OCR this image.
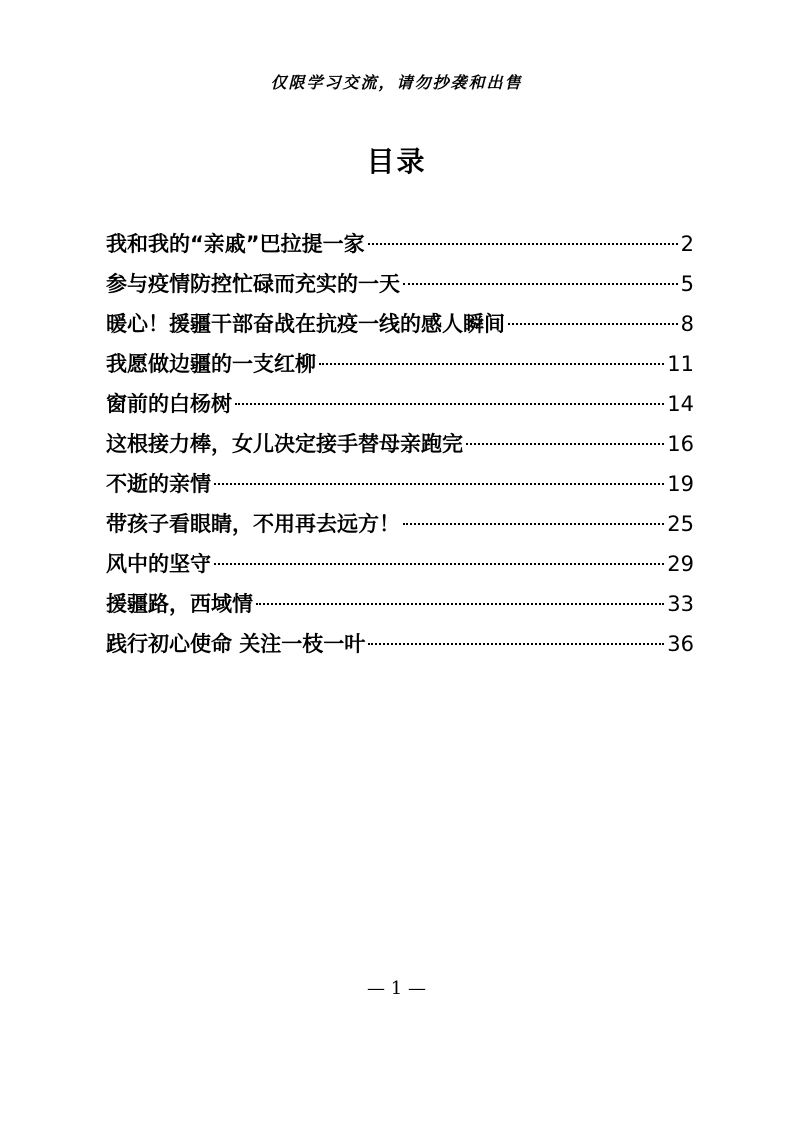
仅限学习交流，请勿抄袭和出售
目录
我和我的“亲戚”巴拉提一家	2
参与疫情防控忙碌而充实的一天	5
暖心！援疆干部奋战在抗疫一线的感人瞬间	8
我愿做边疆的一支红柳	11
窗前的白杨树	14
这根接力棒，女儿决定接手替母亲跑完	16
不逝的亲情	19
带孩子看眼睛，不用再去远方！	25
风中的坚守	29
援疆路，西域情	33
践行初心使命 关注一枝一叶	36
— 1 —
